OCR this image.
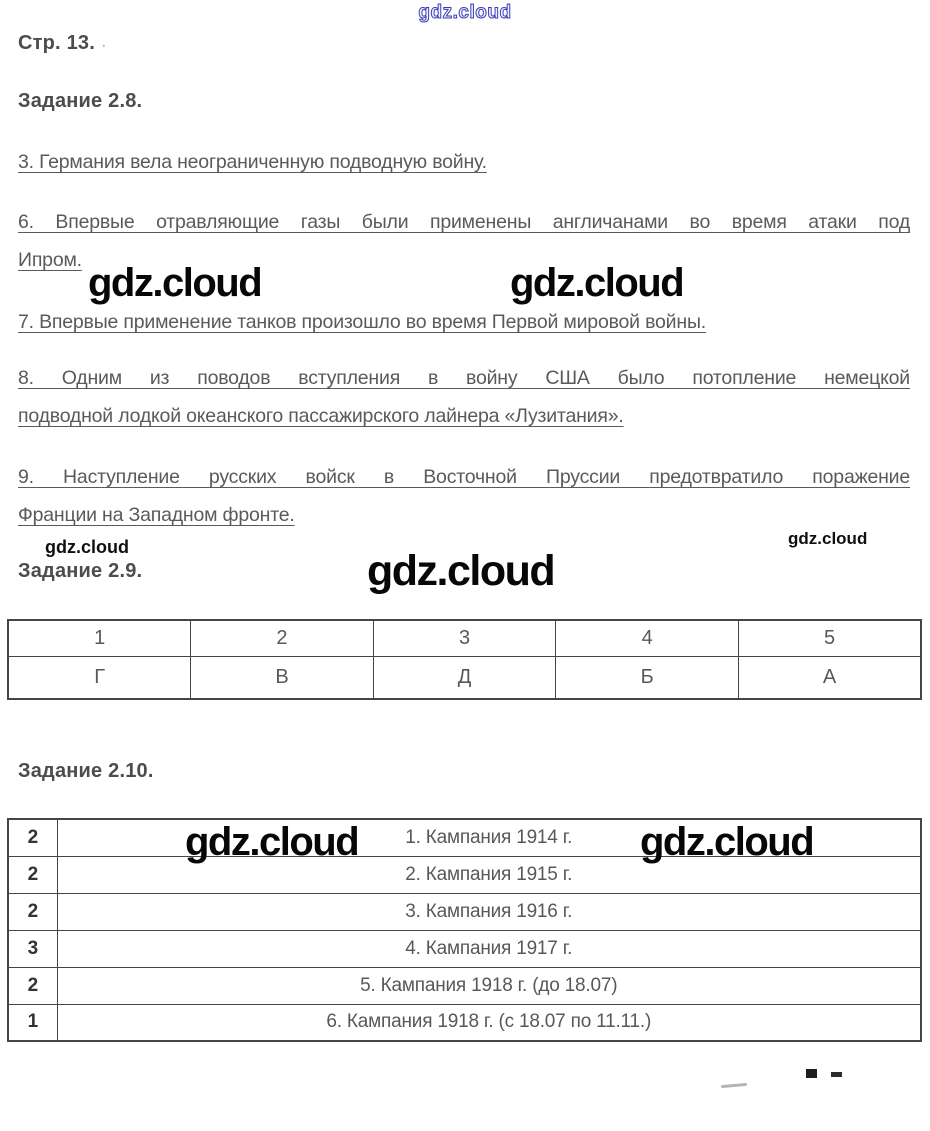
gdz.cloud
Стр. 13. .
Задание 2.8.
3. Германия вела неограниченную подводную войну.
6. Впервые отравляющие газы были применены англичанами во время атаки под
Ипром.
gdz.cloud	gdz.cloud
7. Впервые применение танков произошло во время Первой мировой войны.
8. Одним из поводов вступления в войну США было потопление немецкой
подводной лодкой океанского пассажирского лайнера «Лузитания».
9. Наступление русских войск в Восточной Пруссии предотвратило поражение
Франции на Западном фронте.
gdz.cloud	gdz.cloud
Задание 2.9.	gdz.cloud
1	2	3	4	5
Г	В	Д	Б	А
Задание 2.10.
2	1. Кампания 1914 г.
2	2. Кампания 1915 г.
2	3. Кампания 1916 г.
3	4. Кампания 1917 г.
2	5. Кампания 1918 г. (до 18.07)
1	6. Кампания 1918 г. (с 18.07 по 11.11.)
gdz.cloud	gdz.cloud
